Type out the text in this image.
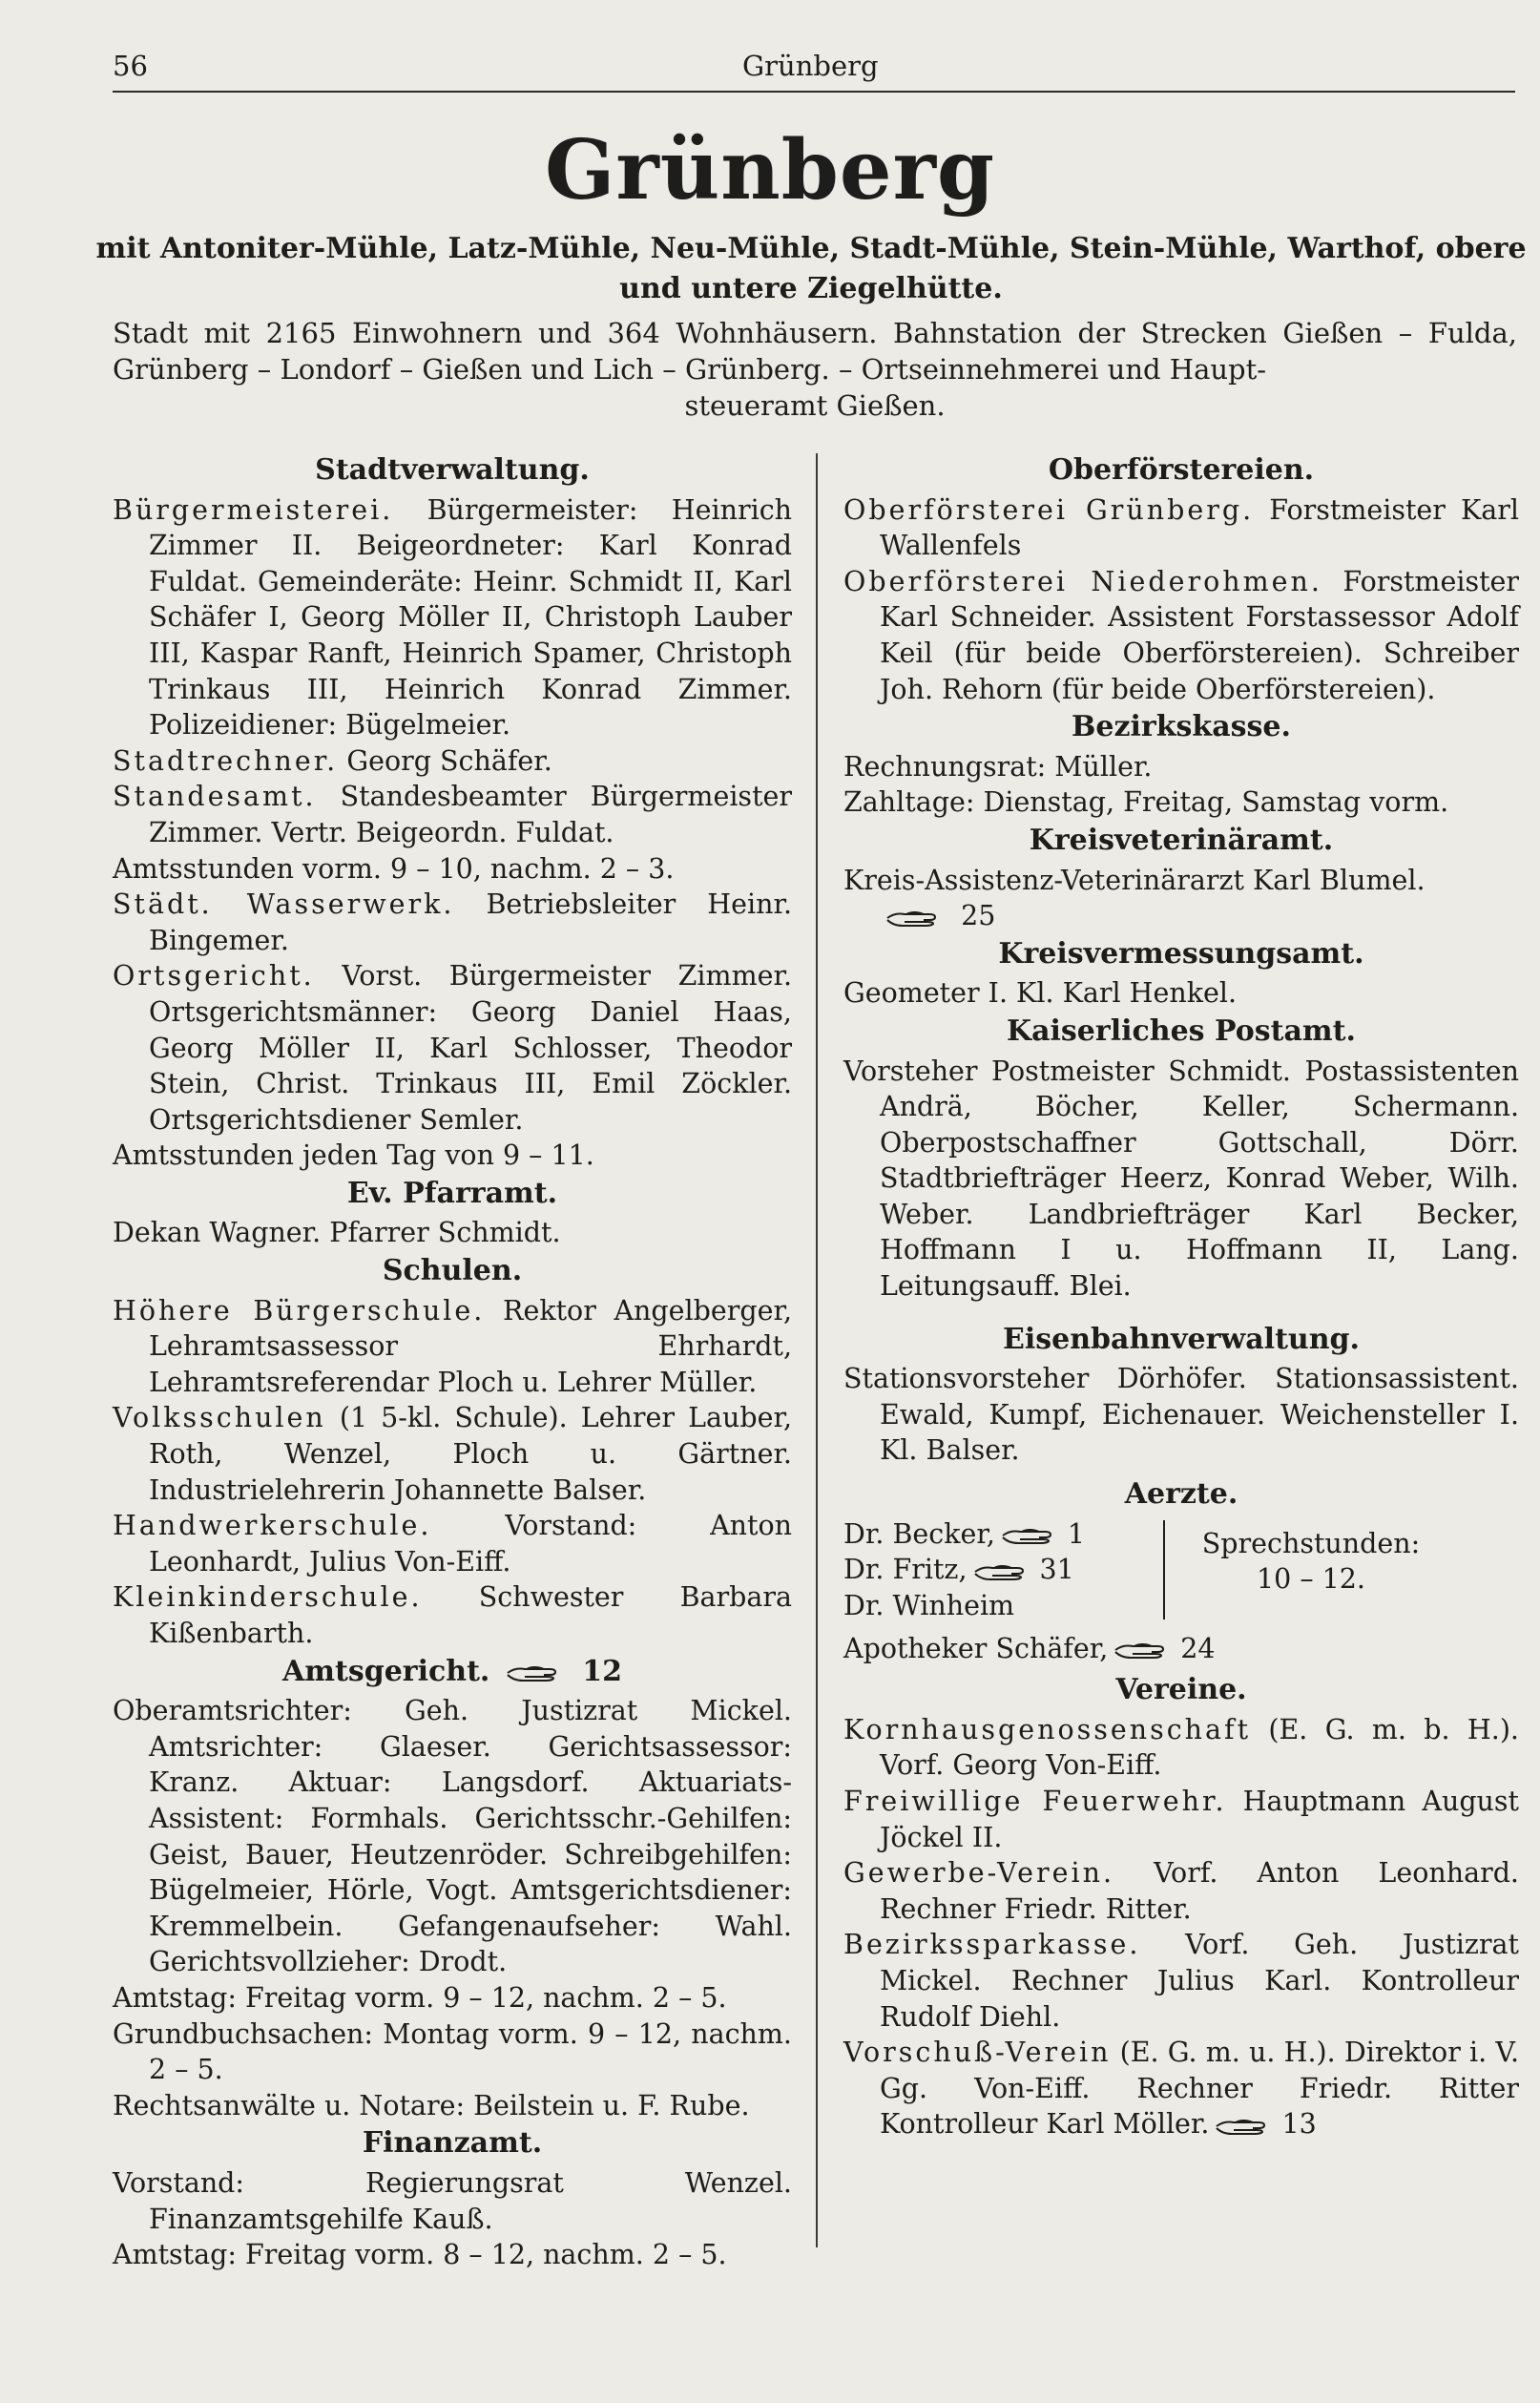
56	Grünberg
Grünberg
mit Antoniter-Mühle, Latz-Mühle, Neu-Mühle, Stadt-Mühle, Stein-Mühle, Warthof, obere und untere Ziegelhütte.
Stadt mit 2165 Einwohnern und 364 Wohnhäusern. Bahnstation der Strecken Gießen – Fulda, Grünberg – Londorf – Gießen und Lich – Grünberg. – Ortseinnehmerei und Haupt-
steueramt Gießen.
Stadtverwaltung.

Bürgermeisterei. Bürgermeister: Heinrich Zimmer II. Beigeordneter: Karl Konrad Fuldat. Gemeinderäte: Heinr. Schmidt II, Karl Schäfer I, Georg Möller II, Christoph Lauber III, Kaspar Ranft, Heinrich Spamer, Christoph Trinkaus III, Heinrich Konrad Zimmer. Polizeidiener: Bügelmeier.

Stadtrechner. Georg Schäfer.

Standesamt. Standesbeamter Bürgermeister Zimmer. Vertr. Beigeordn. Fuldat.

Amtsstunden vorm. 9 – 10, nachm. 2 – 3.

Städt. Wasserwerk. Betriebsleiter Heinr. Bingemer.

Ortsgericht. Vorst. Bürgermeister Zimmer. Ortsgerichtsmänner: Georg Daniel Haas, Georg Möller II, Karl Schlosser, Theodor Stein, Christ. Trinkaus III, Emil Zöckler. Ortsgerichtsdiener Semler.

Amtsstunden jeden Tag von 9 – 11.

Ev. Pfarramt.

Dekan Wagner. Pfarrer Schmidt.

Schulen.

Höhere Bürgerschule. Rektor Angelberger, Lehramtsassessor Ehrhardt, Lehramtsreferendar Ploch u. Lehrer Müller.

Volksschulen (1 5-kl. Schule). Lehrer Lauber, Roth, Wenzel, Ploch u. Gärtner. Industrielehrerin Johannette Balser.

Handwerkerschule.	Vorstand: Anton Leonhardt, Julius Von-Eiff.

Kleinkinderschule. Schwester Barbara Kißenbarth.

Amtsgericht.	12

Oberamtsrichter: Geh. Justizrat Mickel. Amtsrichter: Glaeser. Gerichtsassessor: Kranz. Aktuar: Langsdorf. Aktuariats-Assistent: Formhals. Gerichtsschr.-Gehilfen: Geist, Bauer, Heutzenröder. Schreibgehilfen: Bügelmeier, Hörle, Vogt. Amtsgerichtsdiener: Kremmelbein. Gefangenaufseher: Wahl. Gerichtsvollzieher: Drodt.

Amtstag: Freitag vorm. 9 – 12, nachm. 2 – 5.

Grundbuchsachen: Montag vorm. 9 – 12, nachm. 2 – 5.

Rechtsanwälte u. Notare: Beilstein u. F. Rube.

Finanzamt.

Vorstand: Regierungsrat Wenzel. Finanzamtsgehilfe Kauß.

Amtstag: Freitag vorm. 8 – 12, nachm. 2 – 5.

Oberförstereien.

Oberförsterei Grünberg. Forstmeister Karl Wallenfels

Oberförsterei Niederohmen. Forstmeister Karl Schneider. Assistent Forstassessor Adolf Keil (für beide Oberförstereien). Schreiber Joh. Rehorn (für beide Oberförstereien).

Bezirkskasse.

Rechnungsrat: Müller.

Zahltage: Dienstag, Freitag, Samstag vorm.

Kreisveterinäramt.

Kreis-Assistenz-Veterinärarzt Karl Blumel.
25

Kreisvermessungsamt.

Geometer I. Kl. Karl Henkel.

Kaiserliches Postamt.

Vorsteher Postmeister Schmidt. Postassistenten Andrä, Böcher, Keller, Schermann. Oberpostschaffner Gottschall, Dörr. Stadtbriefträger Heerz, Konrad Weber, Wilh. Weber. Landbriefträger Karl Becker, Hoffmann I u. Hoffmann II, Lang. Leitungsauff. Blei.

Eisenbahnverwaltung.

Stationsvorsteher Dörhöfer. Stationsassistent. Ewald, Kumpf, Eichenauer. Weichensteller I. Kl. Balser.

Aerzte.
Dr. Becker,	1
Dr. Fritz,	31
Dr. Winheim
Sprechstunden:
10 – 12.

Apotheker Schäfer,	24

Vereine.

Kornhausgenossenschaft (E. G. m. b. H.). Vorf. Georg Von-Eiff.

Freiwillige Feuerwehr. Hauptmann August Jöckel II.

Gewerbe-Verein. Vorf. Anton Leonhard. Rechner Friedr. Ritter.

Bezirkssparkasse. Vorf. Geh. Justizrat Mickel. Rechner Julius Karl. Kontrolleur Rudolf Diehl.

Vorschuß-Verein (E. G. m. u. H.). Direktor i. V. Gg. Von-Eiff. Rechner Friedr. Ritter Kontrolleur Karl Möller.	13
